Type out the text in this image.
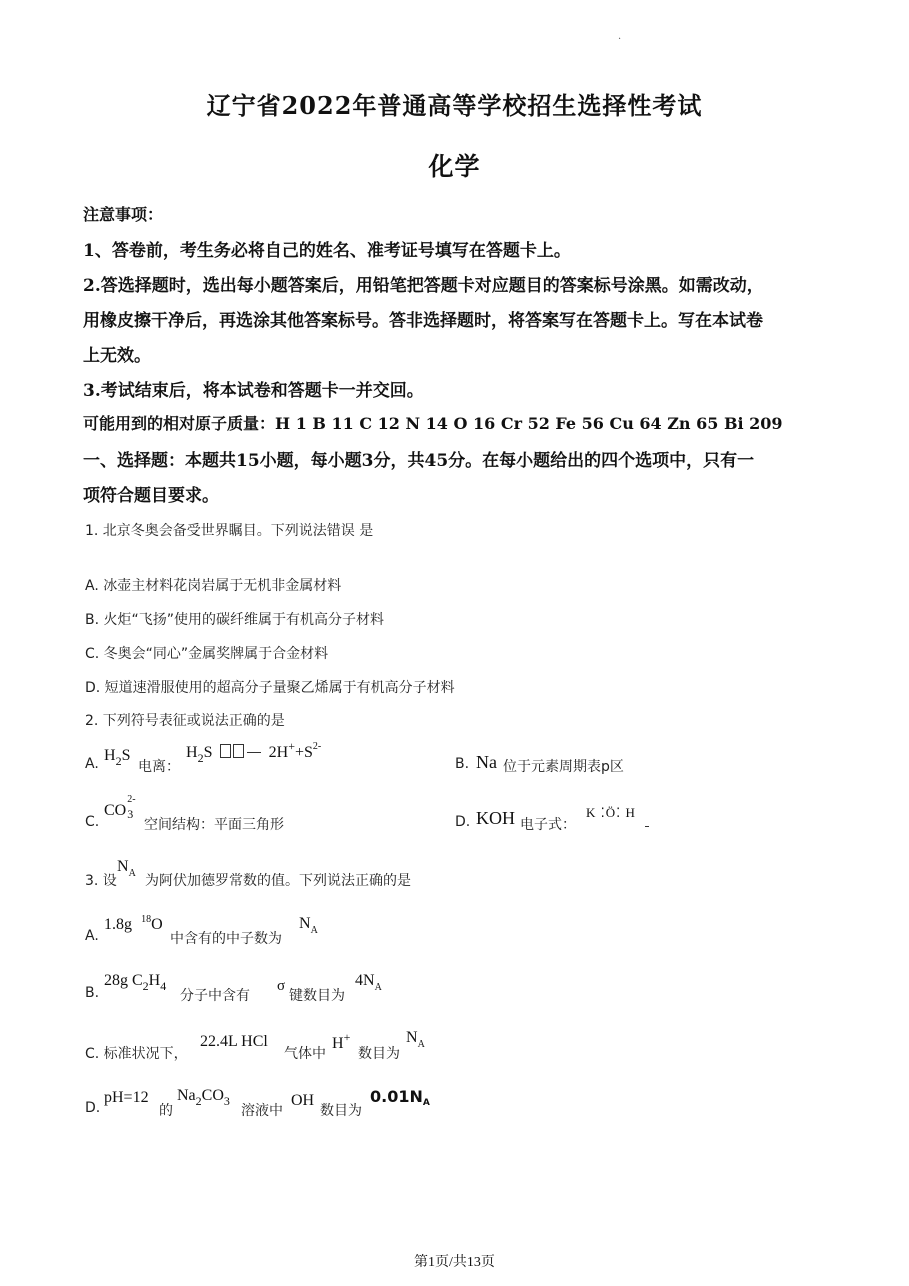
·
辽宁省2022年普通高等学校招生选择性考试
化学
注意事项：
1、答卷前，考生务必将自己的姓名、准考证号填写在答题卡上。
2.答选择题时，选出每小题答案后，用铅笔把答题卡对应题目的答案标号涂黑。如需改动，
用橡皮擦干净后，再选涂其他答案标号。答非选择题时，将答案写在答题卡上。写在本试卷
上无效。
3.考试结束后，将本试卷和答题卡一并交回。
可能用到的相对原子质量：H 1 B 11 C 12 N 14 O 16 Cr 52 Fe 56 Cu 64 Zn 65 Bi 209
一、选择题：本题共15小题，每小题3分，共45分。在每小题给出的四个选项中，只有一
项符合题目要求。
1. 北京冬奥会备受世界瞩目。下列说法错误 是
A. 冰壶主材料花岗岩属于无机非金属材料
B. 火炬“飞扬”使用的碳纤维属于有机高分子材料
C. 冬奥会“同心”金属奖牌属于合金材料
D. 短道速滑服使用的超高分子量聚乙烯属于有机高分子材料
2. 下列符号表征或说法正确的是
A. $H_2S$
电离：
$H_2S$	$2H^++S^{2-}$
B. Na 位于元素周期表p区
C.
CO
2-
3
空间结构：平面三角形	D. KOH 电子式：
K ⁚Ö⁚ H
3. 设
$N_A$ 为阿伏加德罗常数的值。下列说法正确的是
A.
1.8g $^{18}$O
中含有的中子数为
$N_A$
B.
28g $C_2H_4$
分子中含有
σ
键数目为
$4N_A$
C. 标准状况下，
22.4L HCl
气体中
H+
数目为
$N_A$
D.
pH=12
的
$Na_2CO_3$
溶液中
OH
数目为
0.01NA
第1页/共13页
